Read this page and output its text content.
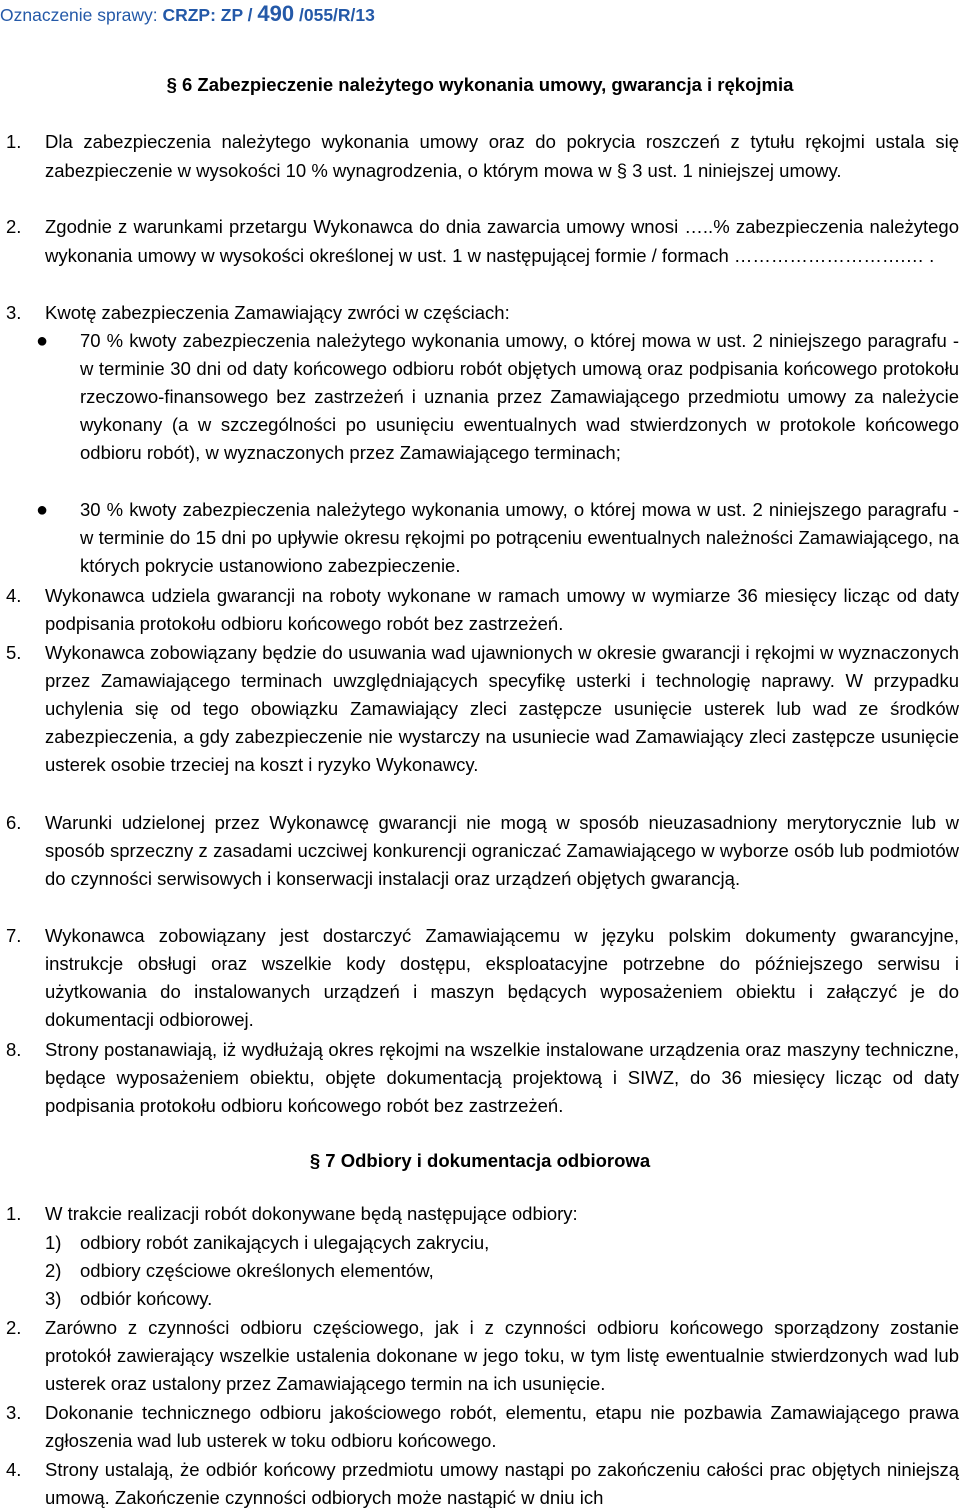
Oznaczenie sprawy: CRZP: ZP / 490 /055/R/13
§ 6 Zabezpieczenie należytego wykonania umowy, gwarancja i rękojmia
1. Dla zabezpieczenia należytego wykonania umowy oraz do pokrycia roszczeń z tytułu rękojmi ustala się zabezpieczenie w wysokości 10 % wynagrodzenia, o którym mowa w § 3 ust. 1 niniejszej umowy.

2. Zgodnie z warunkami przetargu Wykonawca do dnia zawarcia umowy wnosi …..% zabezpieczenia należytego wykonania umowy w wysokości określonej w ust. 1 w następującej formie / formach ……………………….… .

3. Kwotę zabezpieczenia Zamawiający zwróci w częściach:

● 70 % kwoty zabezpieczenia należytego wykonania umowy, o której mowa w ust. 2 niniejszego paragrafu - w terminie 30 dni od daty końcowego odbioru robót objętych umową oraz podpisania końcowego protokołu rzeczowo-finansowego bez zastrzeżeń i uznania przez Zamawiającego przedmiotu umowy za należycie wykonany (a w szczególności po usunięciu ewentualnych wad stwierdzonych w protokole końcowego odbioru robót), w wyznaczonych przez Zamawiającego terminach;

● 30 % kwoty zabezpieczenia należytego wykonania umowy, o której mowa w ust. 2 niniejszego paragrafu - w terminie do 15 dni po upływie okresu rękojmi po potrąceniu ewentualnych należności Zamawiającego, na których pokrycie ustanowiono zabezpieczenie.

4. Wykonawca udziela gwarancji na roboty wykonane w ramach umowy w wymiarze 36 miesięcy licząc od daty podpisania protokołu odbioru końcowego robót bez zastrzeżeń.

5. Wykonawca zobowiązany będzie do usuwania wad ujawnionych w okresie gwarancji i rękojmi w wyznaczonych przez Zamawiającego terminach uwzględniających specyfikę usterki i technologię naprawy. W przypadku uchylenia się od tego obowiązku Zamawiający zleci zastępcze usunięcie usterek lub wad ze środków zabezpieczenia, a gdy zabezpieczenie nie wystarczy na usuniecie wad Zamawiający zleci zastępcze usunięcie usterek osobie trzeciej na koszt i ryzyko Wykonawcy.

6. Warunki udzielonej przez Wykonawcę gwarancji nie mogą w sposób nieuzasadniony merytorycznie lub w sposób sprzeczny z zasadami uczciwej konkurencji ograniczać Zamawiającego w wyborze osób lub podmiotów do czynności serwisowych i konserwacji instalacji oraz urządzeń objętych gwarancją.

7. Wykonawca zobowiązany jest dostarczyć Zamawiającemu w języku polskim dokumenty gwarancyjne, instrukcje obsługi oraz wszelkie kody dostępu, eksploatacyjne potrzebne do późniejszego serwisu i użytkowania do instalowanych urządzeń i maszyn będących wyposażeniem obiektu i załączyć je do dokumentacji odbiorowej.

8. Strony postanawiają, iż wydłużają okres rękojmi na wszelkie instalowane urządzenia oraz maszyny techniczne, będące wyposażeniem obiektu, objęte dokumentacją projektową i SIWZ, do 36 miesięcy licząc od daty podpisania protokołu odbioru końcowego robót bez zastrzeżeń.

§ 7 Odbiory i dokumentacja odbiorowa
1. W trakcie realizacji robót dokonywane będą następujące odbiory:

1) odbiory robót zanikających i ulegających zakryciu,
2) odbiory częściowe określonych elementów,
3) odbiór końcowy.
2. Zarówno z czynności odbioru częściowego, jak i z czynności odbioru końcowego sporządzony zostanie protokół zawierający wszelkie ustalenia dokonane w jego toku, w tym listę ewentualnie stwierdzonych wad lub usterek oraz ustalony przez Zamawiającego termin na ich usunięcie.

3. Dokonanie technicznego odbioru jakościowego robót, elementu, etapu nie pozbawia Zamawiającego prawa zgłoszenia wad lub usterek w toku odbioru końcowego.

4. Strony ustalają, że odbiór końcowy przedmiotu umowy nastąpi po zakończeniu całości prac objętych niniejszą umową. Zakończenie czynności odbiorych może nastąpić w dniu ich
